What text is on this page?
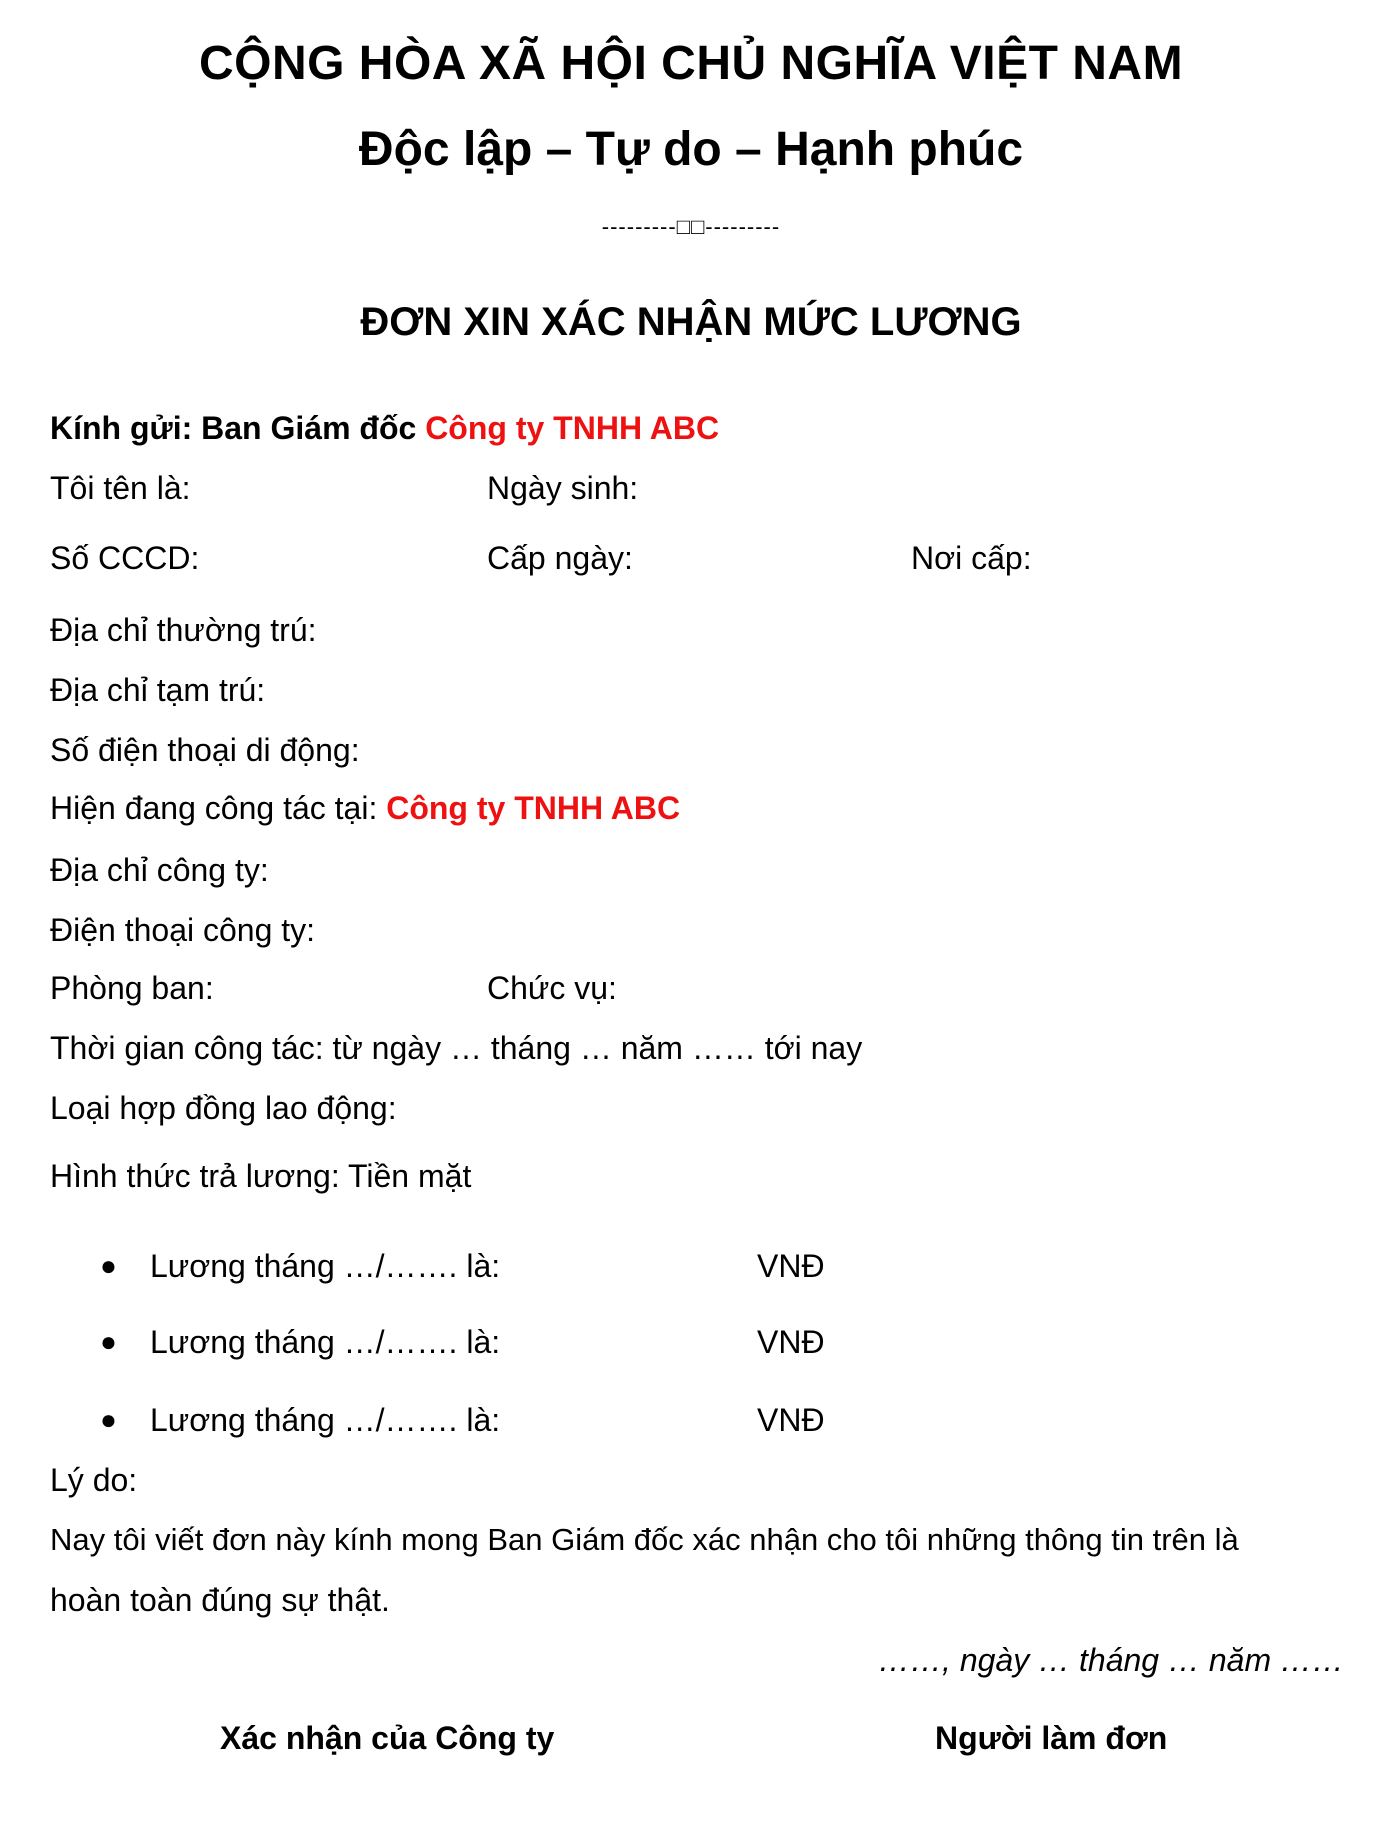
CỘNG HÒA XÃ HỘI CHỦ NGHĨA VIỆT NAM
Độc lập – Tự do – Hạnh phúc
---------□□---------
ĐƠN XIN XÁC NHẬN MỨC LƯƠNG
Kính gửi: Ban Giám đốc Công ty TNHH ABC
Tôi tên là:	Ngày sinh:
Số CCCD:	Cấp ngày:	Nơi cấp:
Địa chỉ thường trú:
Địa chỉ tạm trú:
Số điện thoại di động:
Hiện đang công tác tại: Công ty TNHH ABC
Địa chỉ công ty:
Điện thoại công ty:
Phòng ban:	Chức vụ:
Thời gian công tác: từ ngày … tháng … năm …… tới nay
Loại hợp đồng lao động:
Hình thức trả lương: Tiền mặt
● Lương tháng …/……. là:	VNĐ
● Lương tháng …/……. là:	VNĐ
● Lương tháng …/……. là:	VNĐ
Lý do:
Nay tôi viết đơn này kính mong Ban Giám đốc xác nhận cho tôi những thông tin trên là
hoàn toàn đúng sự thật.
……, ngày … tháng … năm ……
Xác nhận của Công ty	Người làm đơn
